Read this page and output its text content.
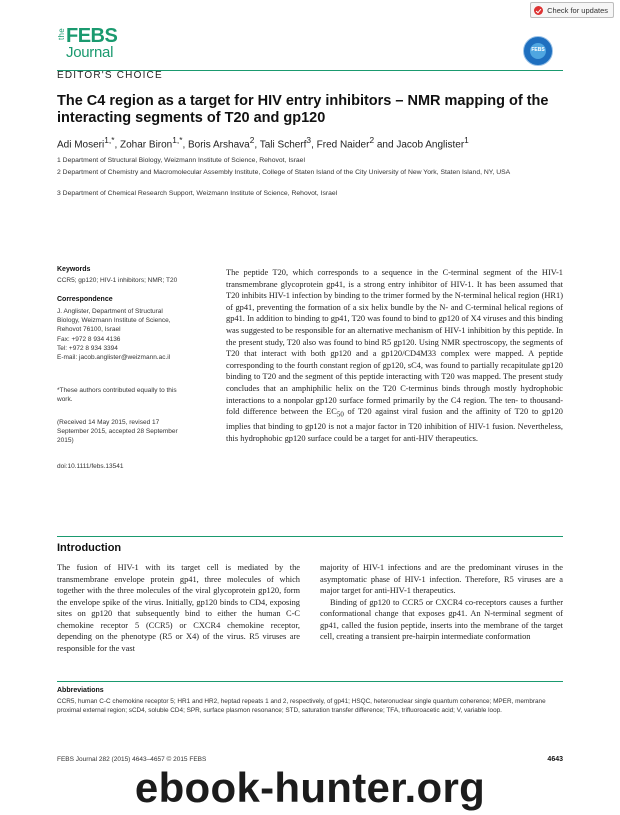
Check for updates
the FEBS
Journal	FEBS
EDITOR'S CHOICE
The C4 region as a target for HIV entry inhibitors – NMR mapping of the interacting segments of T20 and gp120
Adi Moseri$^{1,*}$, Zohar Biron$^{1,*}$, Boris Arshava$^2$, Tali Scherf$^3$, Fred Naider$^2$ and Jacob Anglister$^1$
1 Department of Structural Biology, Weizmann Institute of Science, Rehovot, Israel
2 Department of Chemistry and Macromolecular Assembly Institute, College of Staten Island of the City University of New York, Staten Island, NY, USA
3 Department of Chemical Research Support, Weizmann Institute of Science, Rehovot, Israel
Keywords
CCR5; gp120; HIV-1 inhibitors; NMR; T20
Correspondence
J. Anglister, Department of Structural
Biology, Weizmann Institute of Science,
Rehovot 76100, Israel
Fax: +972 8 934 4136
Tel: +972 8 934 3394
E-mail: jacob.anglister@weizmann.ac.il
*These authors contributed equally to this
work.
(Received 14 May 2015, revised 17
September 2015, accepted 28 September
2015)
doi:10.1111/febs.13541
The peptide T20, which corresponds to a sequence in the C-terminal segment of the HIV-1 transmembrane glycoprotein gp41, is a strong entry inhibitor of HIV-1. It has been assumed that T20 inhibits HIV-1 infection by binding to the trimer formed by the N-terminal helical region (HR1) of gp41, preventing the formation of a six helix bundle by the N- and C-terminal helical regions of gp41. In addition to binding to gp41, T20 was found to bind to gp120 of X4 viruses and this binding was suggested to be responsible for an alternative mechanism of HIV-1 inhibition by this peptide. In the present study, T20 also was found to bind R5 gp120. Using NMR spectroscopy, the segments of T20 that interact with both gp120 and a gp120/CD4M33 complex were mapped. A peptide corresponding to the fourth constant region of gp120, sC4, was found to partially recapitulate gp120 binding to T20 and the segment of this peptide interacting with T20 was mapped. The present study concludes that an amphiphilic helix on the T20 C-terminus binds through mostly hydrophobic interactions to a nonpolar gp120 surface formed primarily by the C4 region. The ten- to thousand-fold difference between the $EC_{50}$ of T20 against viral fusion and the affinity of T20 to gp120 implies that binding to gp120 is not a major factor in T20 inhibition of HIV-1 fusion. Nevertheless, this hydrophobic gp120 surface could be a target for anti-HIV therapeutics.
Introduction

The fusion of HIV-1 with its target cell is mediated by the transmembrane envelope protein gp41, three molecules of which together with the three molecules of the viral glycoprotein gp120, form the envelope spike of the virus. Initially, gp120 binds to CD4, exposing sites on gp120 that subsequently bind to either the human C-C chemokine receptor 5 (CCR5) or CXCR4 chemokine receptor, depending on the phenotype (R5 or X4) of the virus. R5 viruses are responsible for the vast

majority of HIV-1 infections and are the predominant viruses in the asymptomatic phase of HIV-1 infection. Therefore, R5 viruses are a major target for anti-HIV-1 therapeutics.

Binding of gp120 to CCR5 or CXCR4 co-receptors causes a further conformational change that exposes gp41. An N-terminal segment of gp41, called the fusion peptide, inserts into the membrane of the target cell, creating a transient pre-hairpin intermediate conformation

Abbreviations
CCR5, human C-C chemokine receptor 5; HR1 and HR2, heptad repeats 1 and 2, respectively, of gp41; HSQC, heteronuclear single quantum coherence; MPER, membrane proximal external region; sCD4, soluble CD4; SPR, surface plasmon resonance; STD, saturation transfer difference; TFA, trifluoroacetic acid; V, variable loop.
FEBS Journal 282 (2015) 4643–4657 © 2015 FEBS	4643
ebook-hunter.org
